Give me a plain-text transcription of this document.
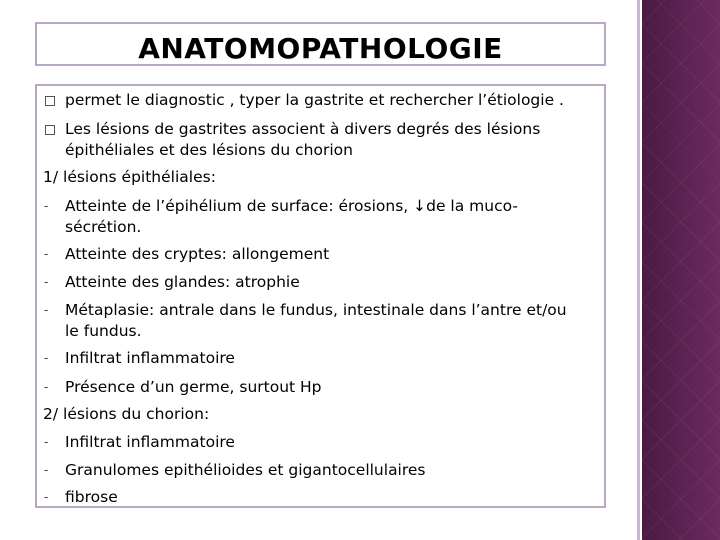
ANATOMOPATHOLOGIE
permet le diagnostic , typer la gastrite et rechercher l’étiologie .
Les lésions de gastrites associent à divers degrés des lésions
épithéliales et des lésions du chorion
1/ lésions épithéliales:
- Atteinte de l’épihélium de surface: érosions, ↓de la muco-
sécrétion.
- Atteinte des cryptes: allongement
- Atteinte des glandes: atrophie
- Métaplasie: antrale dans le fundus, intestinale dans l’antre et/ou
le fundus.
- Infiltrat inflammatoire
- Présence d’un germe, surtout Hp
2/ lésions du chorion:
- Infiltrat inflammatoire
- Granulomes epithélioides et gigantocellulaires
- fibrose
